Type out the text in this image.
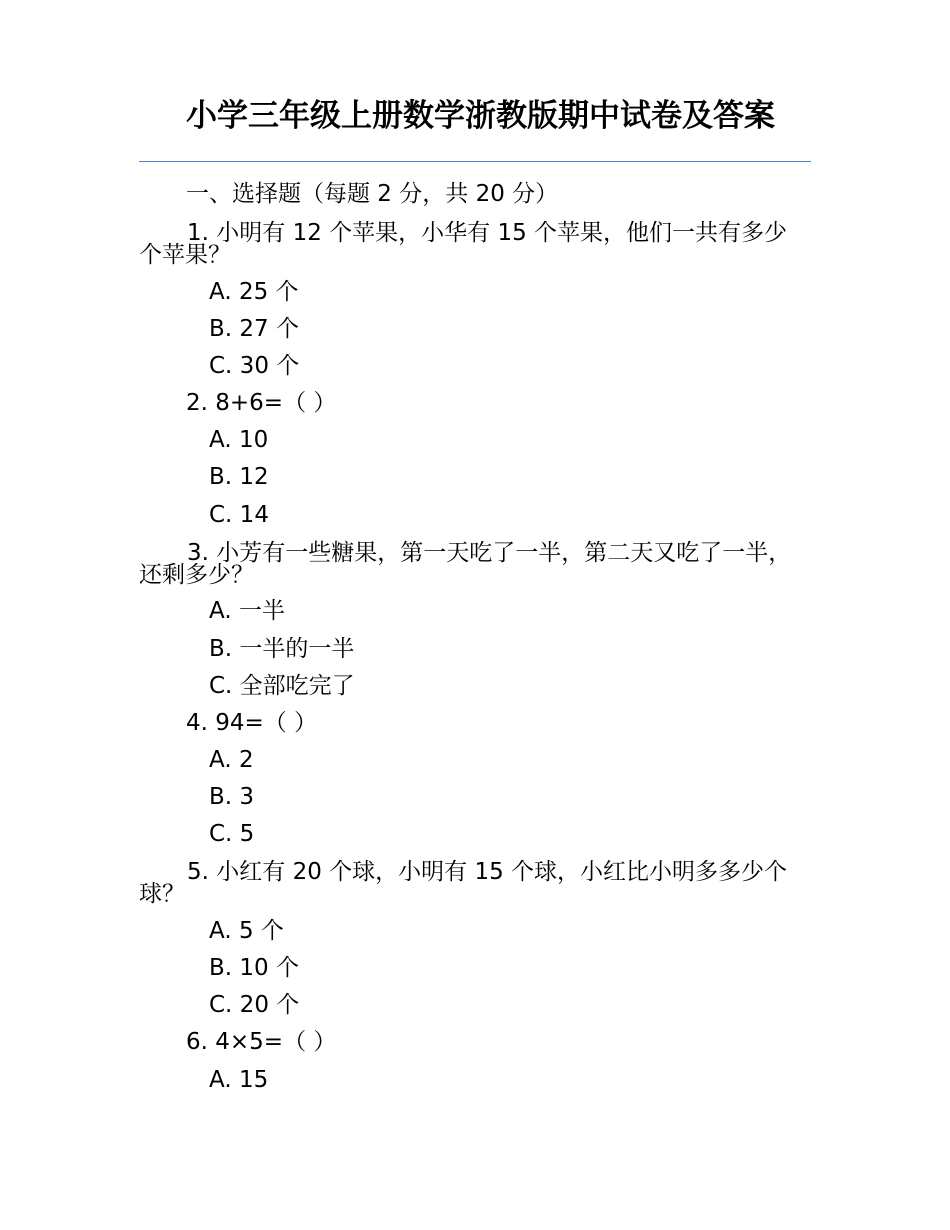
小学三年级上册数学浙教版期中试卷及答案

一、选择题（每题 2 分，共 20 分）

1. 小明有 12 个苹果，小华有 15 个苹果，他们一共有多少个苹果？

A. 25 个

B. 27 个

C. 30 个

2. 8+6=（ ）

A. 10

B. 12

C. 14

3. 小芳有一些糖果，第一天吃了一半，第二天又吃了一半，还剩多少？

A. 一半

B. 一半的一半

C. 全部吃完了

4. 94=（ ）

A. 2

B. 3

C. 5

5. 小红有 20 个球，小明有 15 个球，小红比小明多多少个球？

A. 5 个

B. 10 个

C. 20 个

6. 4×5=（ ）

A. 15
